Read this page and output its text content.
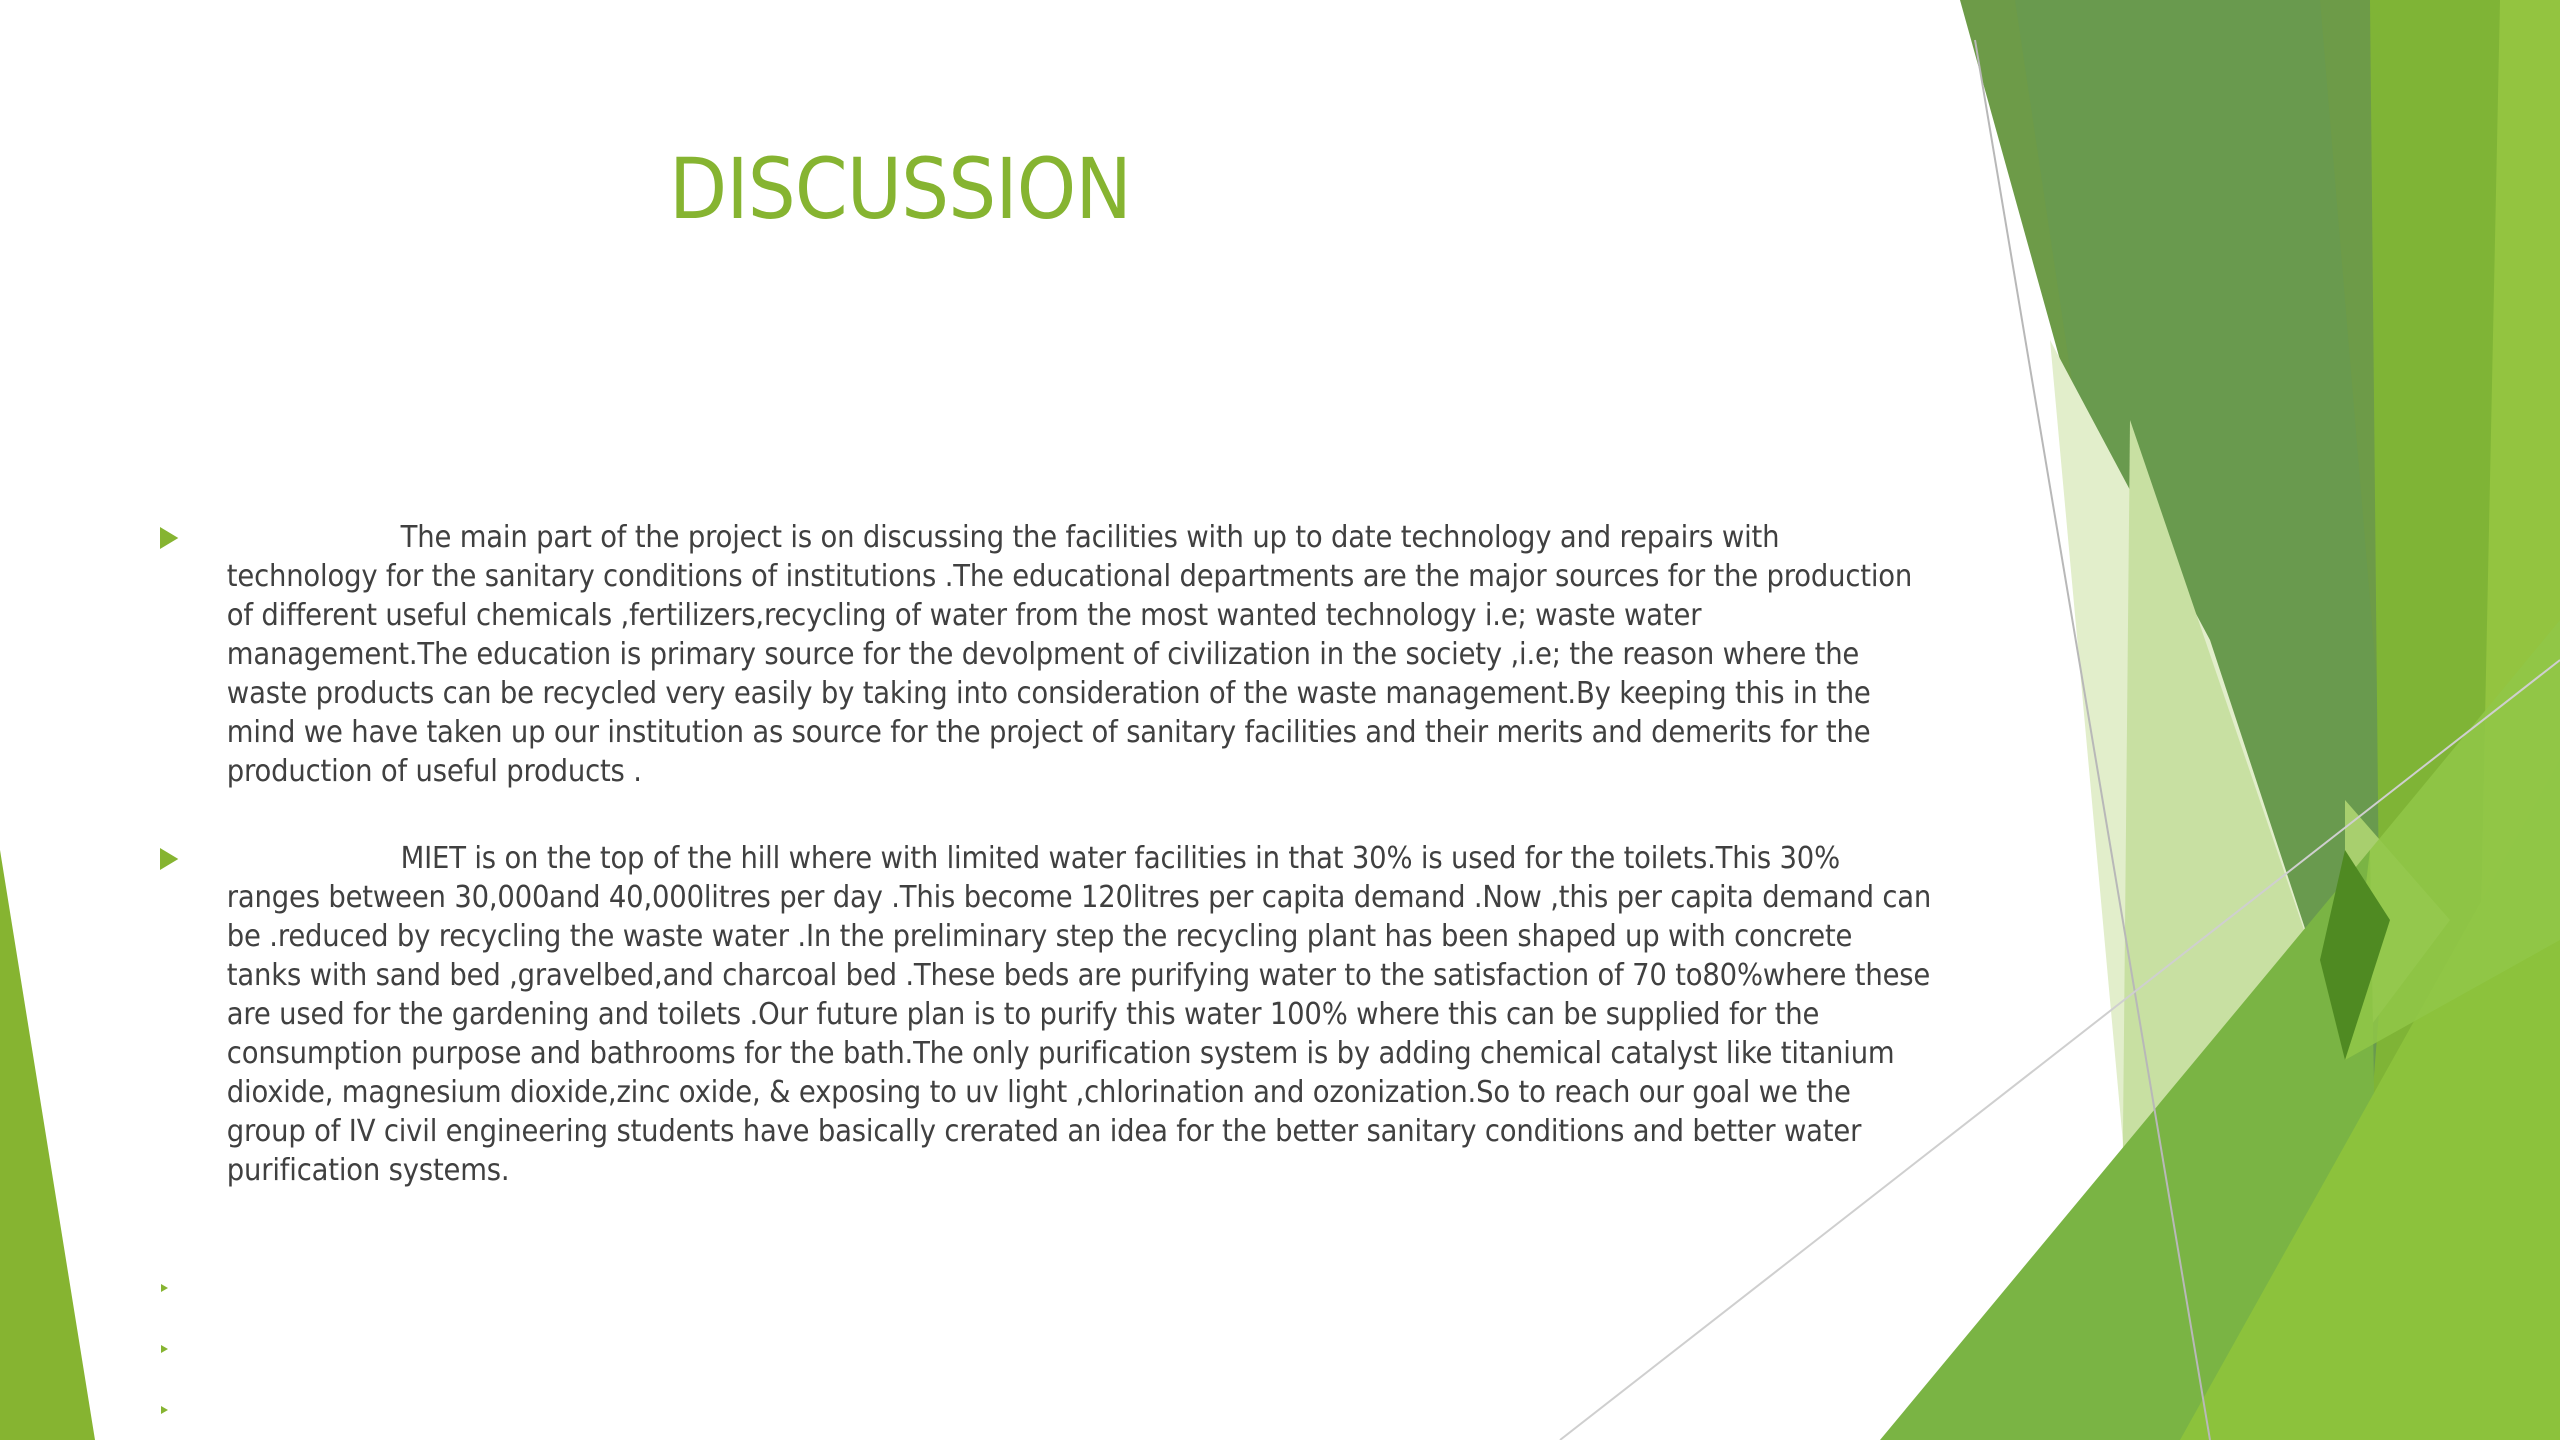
DISCUSSION

The main part of the project is on discussing the facilities with up to date technology and repairs with technology for the sanitary conditions of institutions .The educational departments are the major sources for the production of different useful chemicals ,fertilizers,recycling of water from the most wanted technology i.e; waste water management.The education is primary source for the devolpment of civilization in the society ,i.e; the reason where the waste products can be recycled very easily by taking into consideration of the waste management.By keeping this in the mind we have taken up our institution as source for the project of sanitary facilities and their merits and demerits for the production of useful products .

MIET is on the top of the hill where with limited water facilities in that 30% is used for the toilets.This 30% ranges between 30,000and 40,000litres per day .This become 120litres per capita demand .Now ,this per capita demand can be .reduced by recycling the waste water .In the preliminary step the recycling plant has been shaped up with concrete tanks with sand bed ,gravelbed,and charcoal bed .These beds are purifying water to the satisfaction of 70 to80%where these are used for the gardening and toilets .Our future plan is to purify this water 100% where this can be supplied for the consumption purpose and bathrooms for the bath.The only purification system is by adding chemical catalyst like titanium dioxide, magnesium dioxide,zinc oxide, & exposing to uv light ,chlorination and ozonization.So to reach our goal we the group of IV civil engineering students have basically crerated an idea for the better sanitary conditions and better water purification systems.
